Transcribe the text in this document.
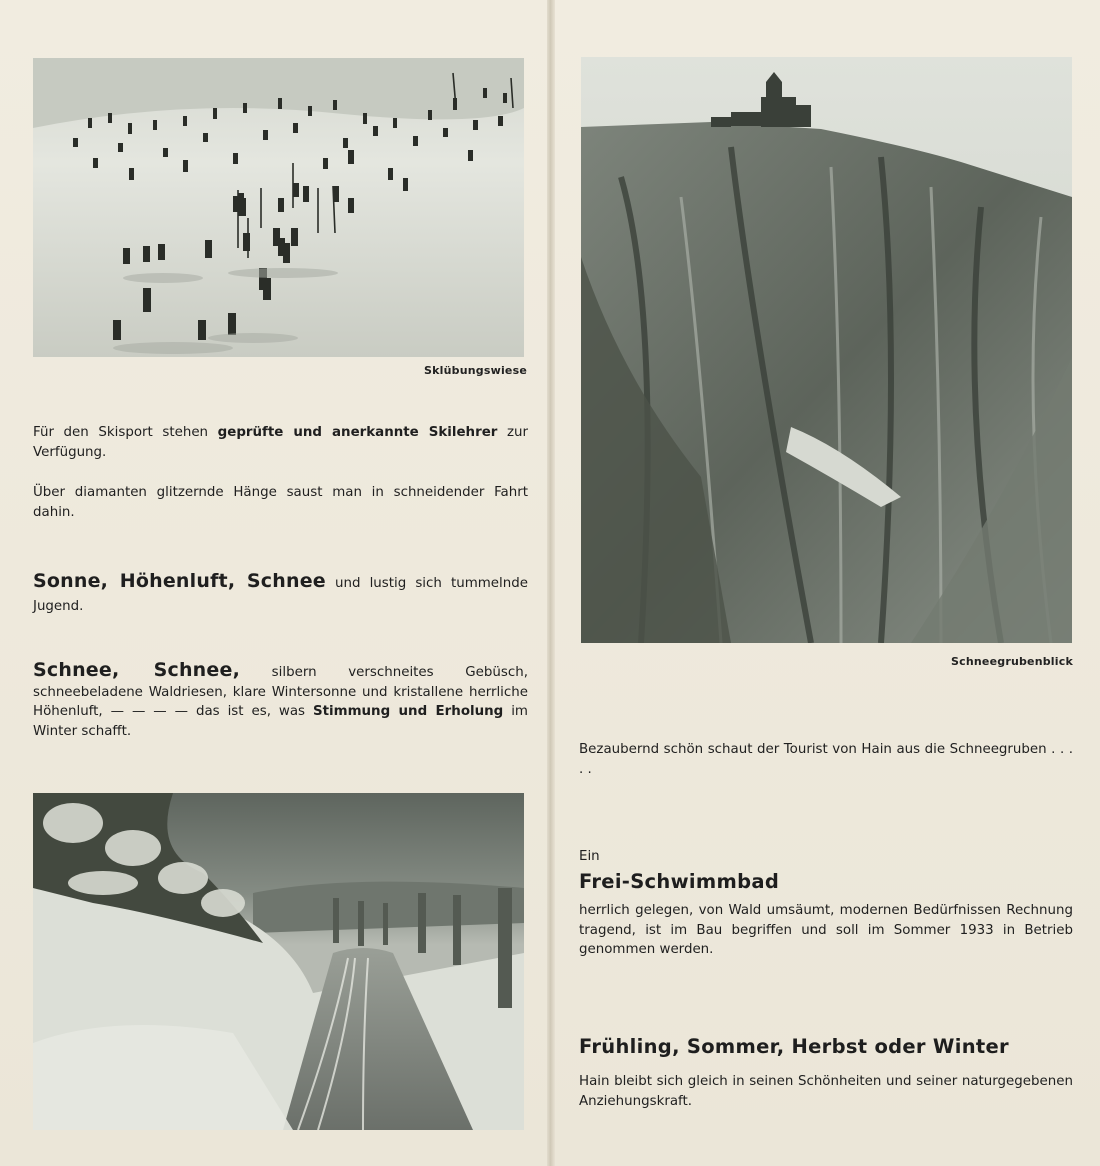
Sklübungswiese

Für den Skisport stehen geprüfte und anerkannte Skilehrer zur Verfügung.

Über diamanten glitzernde Hänge saust man in schneidender Fahrt dahin.

Sonne, Höhenluft, Schnee und lustig sich tummelnde Jugend.

Schnee, Schnee, silbern verschneites Gebüsch, schneebeladene Waldriesen, klare Wintersonne und kristallene herrliche Höhenluft, — — — — das ist es, was Stimmung und Erholung im Winter schafft.

Schneegrubenblick

Bezaubernd schön schaut der Tourist von Hain aus die Schneegruben . . . . .

Ein

Frei-Schwimmbad

herrlich gelegen, von Wald umsäumt, modernen Bedürfnissen Rechnung tragend, ist im Bau begriffen und soll im Sommer 1933 in Betrieb genommen werden.

Frühling, Sommer, Herbst oder Winter

Hain bleibt sich gleich in seinen Schönheiten und seiner naturgegebenen Anziehungskraft.
